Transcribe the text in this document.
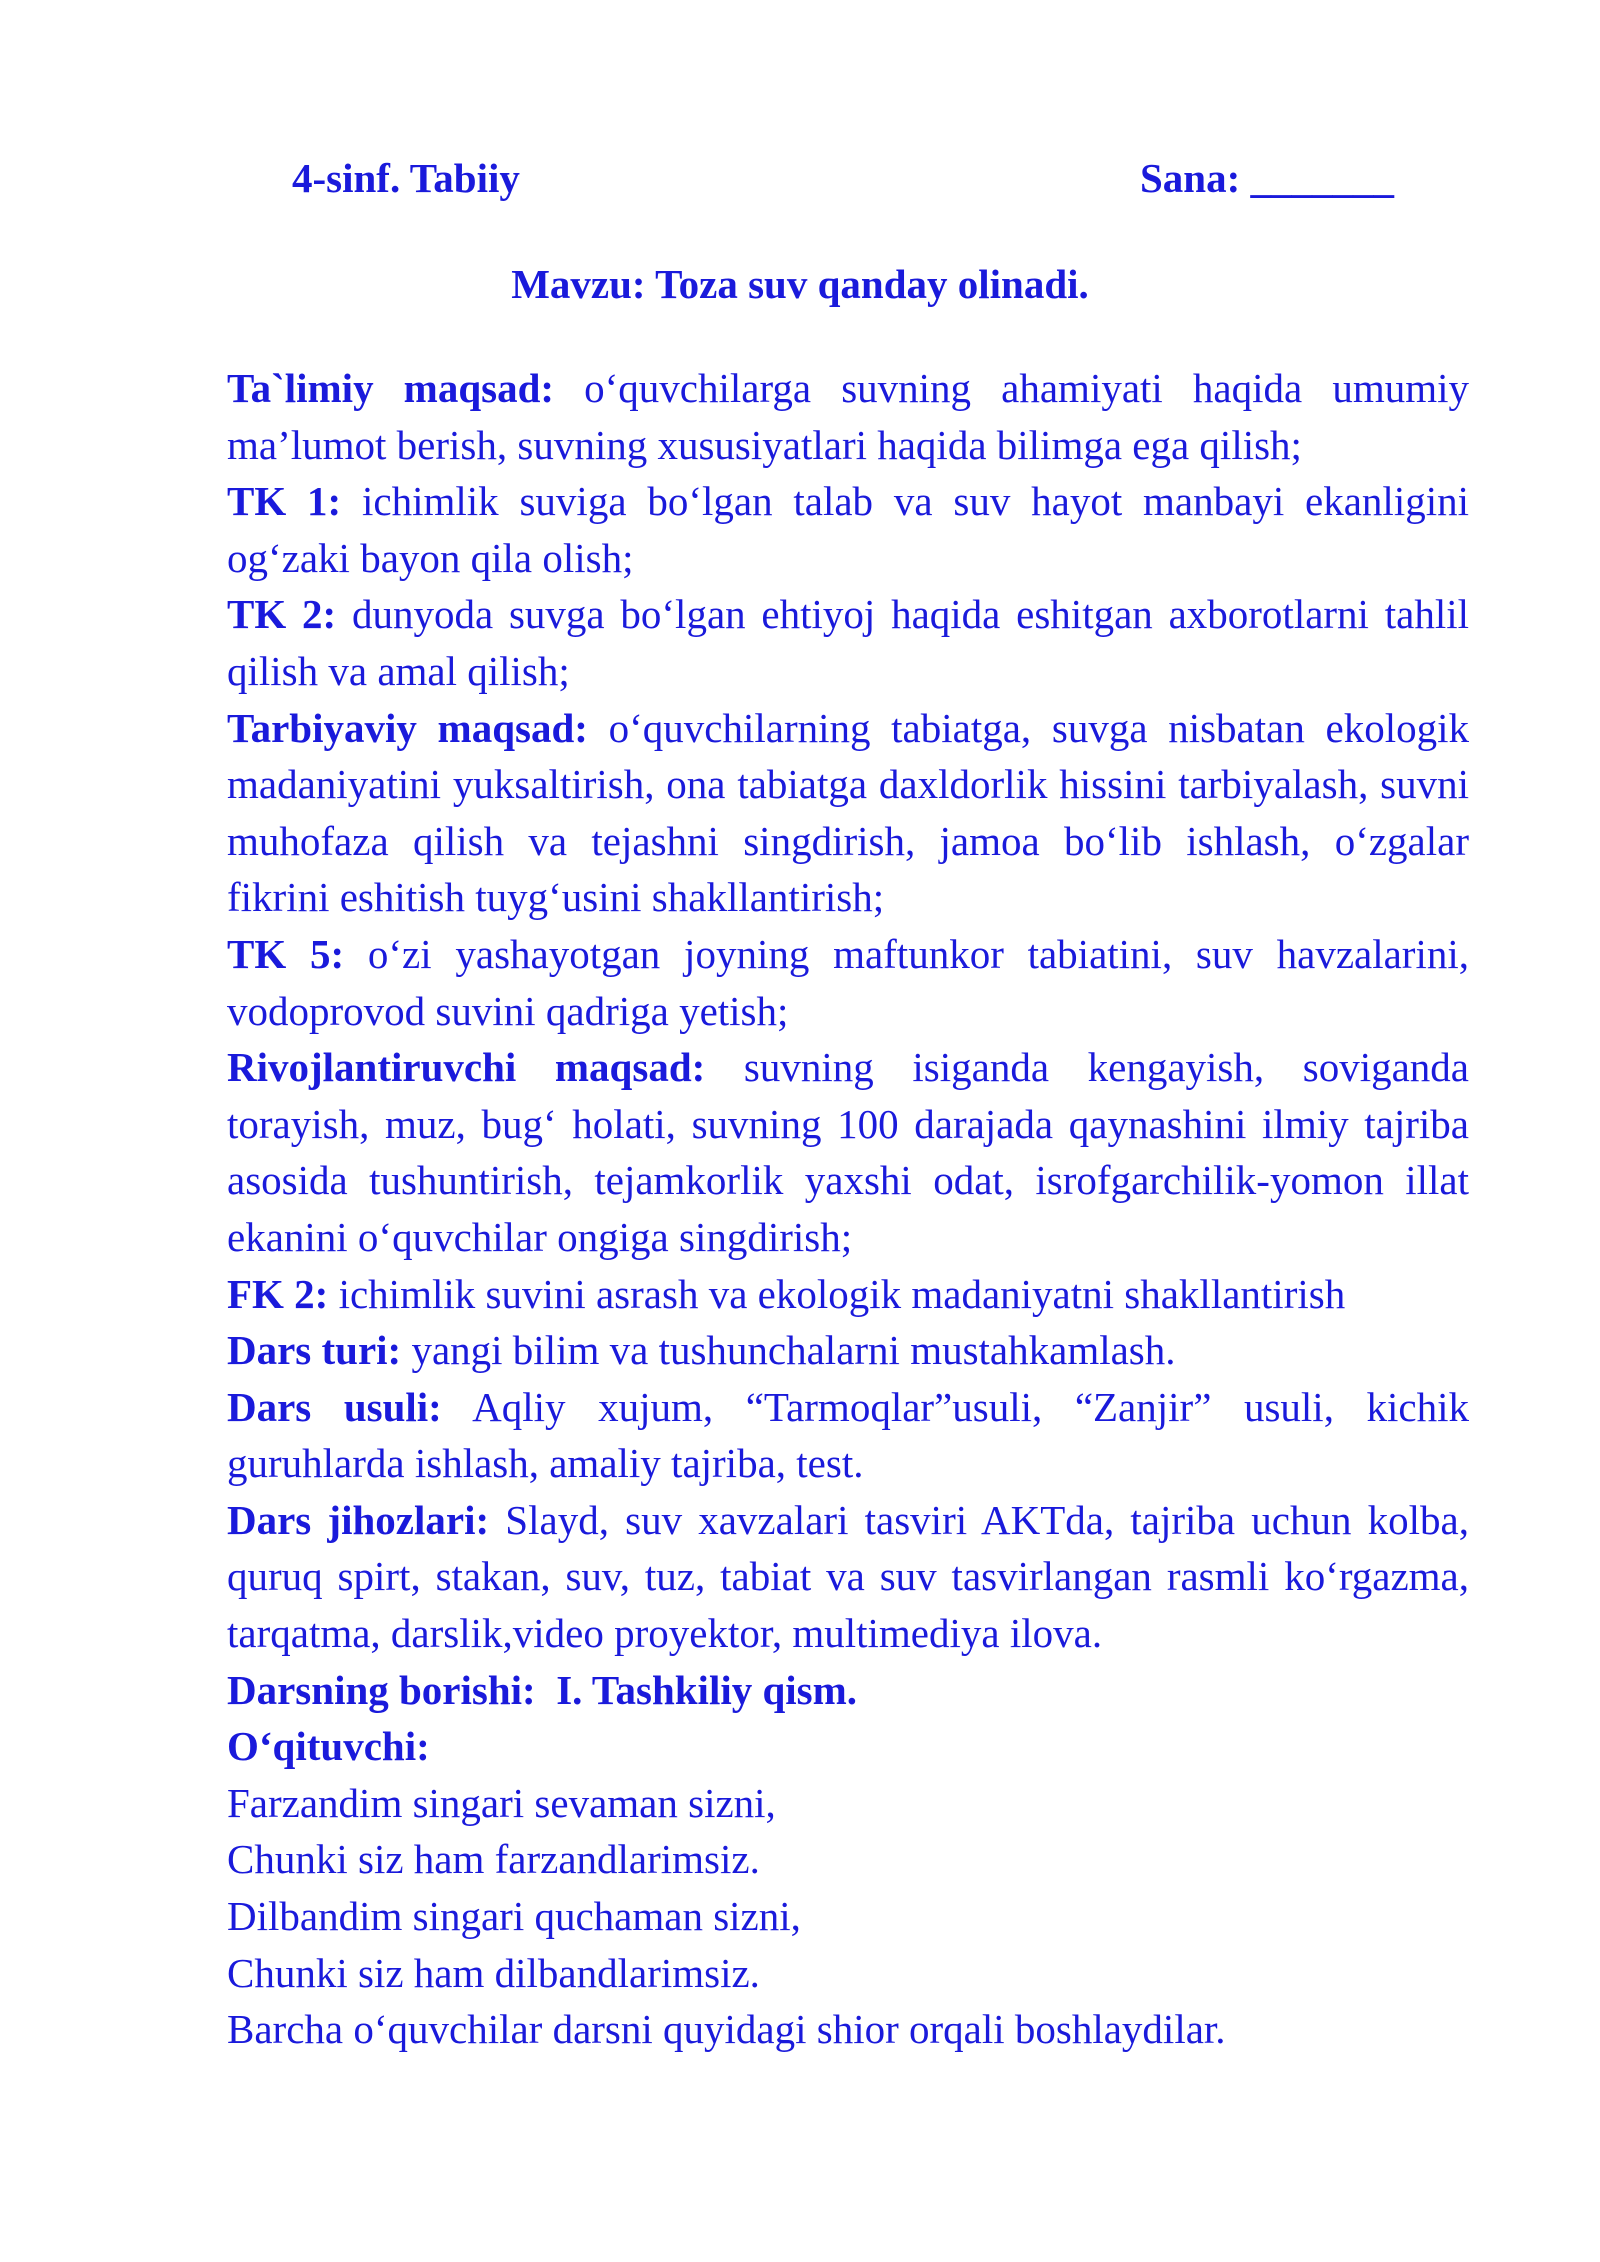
4-sinf. Tabiiy	Sana: _______
Mavzu: Toza suv qanday olinadi.

Ta`limiy maqsad: o‘quvchilarga suvning ahamiyati haqida umumiy ma’lumot berish, suvning xususiyatlari haqida bilimga ega qilish;

TK 1: ichimlik suviga bo‘lgan talab va suv hayot manbayi ekanligini og‘zaki bayon qila olish;

TK 2: dunyoda suvga bo‘lgan ehtiyoj haqida eshitgan axborotlarni tahlil qilish va amal qilish;

Tarbiyaviy maqsad: o‘quvchilarning tabiatga, suvga nisbatan ekologik madaniyatini yuksaltirish, ona tabiatga daxldorlik hissini tarbiyalash, suvni muhofaza qilish va tejashni singdirish, jamoa bo‘lib ishlash, o‘zgalar fikrini eshitish tuyg‘usini shakllantirish;

TK 5: o‘zi yashayotgan joyning maftunkor tabiatini, suv havzalarini, vodoprovod suvini qadriga yetish;

Rivojlantiruvchi maqsad: suvning isiganda kengayish, soviganda torayish, muz, bug‘ holati, suvning 100 darajada qaynashini ilmiy tajriba asosida tushuntirish, tejamkorlik yaxshi odat, isrofgarchilik-yomon illat ekanini o‘quvchilar ongiga singdirish;

FK 2: ichimlik suvini asrash va ekologik madaniyatni shakllantirish

Dars turi: yangi bilim va tushunchalarni mustahkamlash.

Dars usuli: Aqliy xujum, “Tarmoqlar”usuli, “Zanjir” usuli, kichik guruhlarda ishlash, amaliy tajriba, test.

Dars jihozlari: Slayd, suv xavzalari tasviri AKTda, tajriba uchun kolba, quruq spirt, stakan, suv, tuz, tabiat va suv tasvirlangan rasmli ko‘rgazma, tarqatma, darslik,video proyektor, multimediya ilova.

Darsning borishi:  I. Tashkiliy qism.

O‘qituvchi:

Farzandim singari sevaman sizni,

Chunki siz ham farzandlarimsiz.

Dilbandim singari quchaman sizni,

Chunki siz ham dilbandlarimsiz.

Barcha o‘quvchilar darsni quyidagi shior orqali boshlaydilar.
